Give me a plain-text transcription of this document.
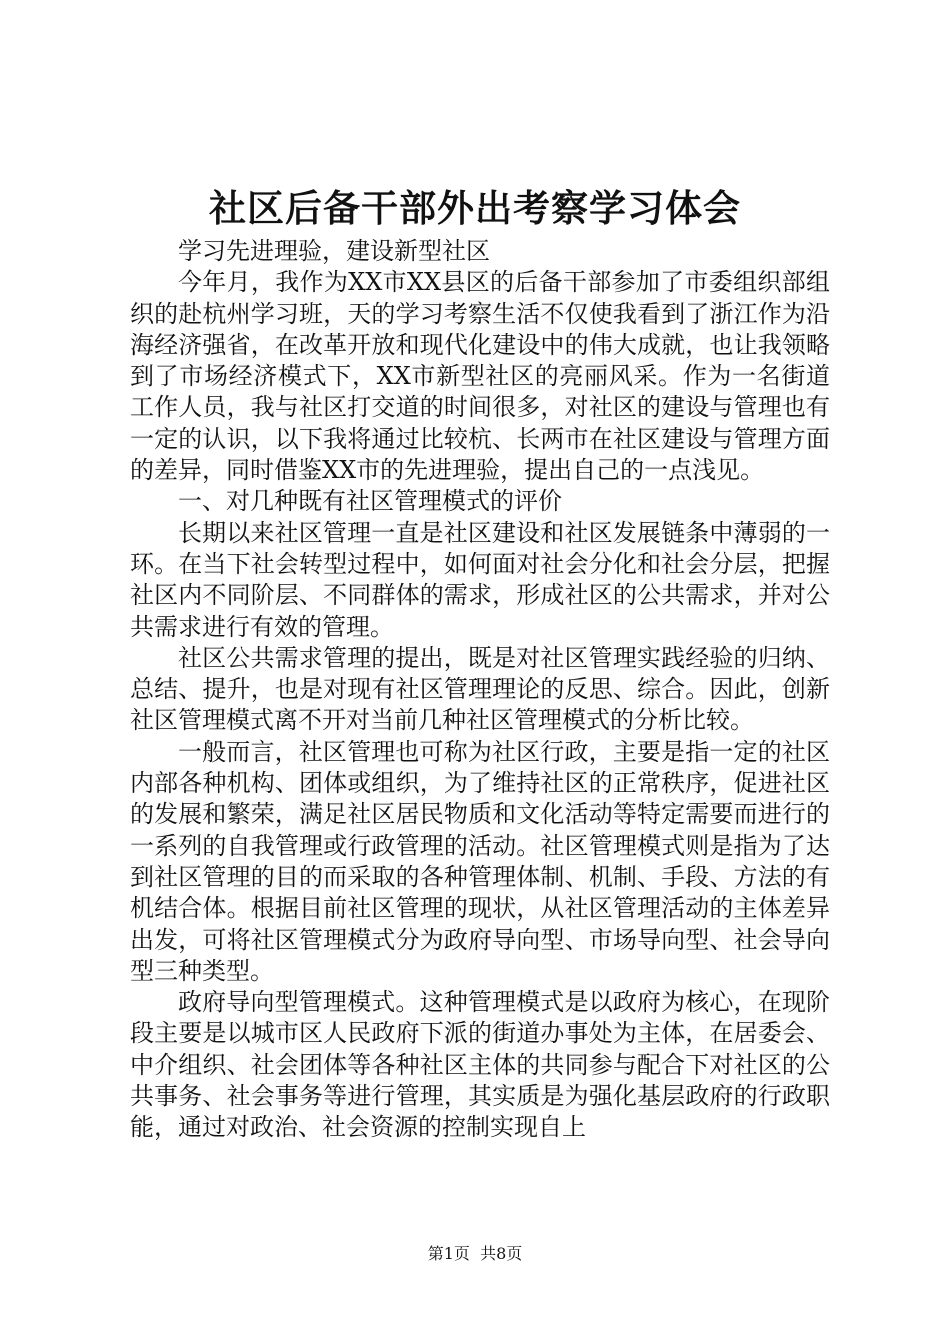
社区后备干部外出考察学习体会

学习先进理验，建设新型社区

今年月，我作为XX市XX县区的后备干部参加了市委组织部组织的赴杭州学习班，天的学习考察生活不仅使我看到了浙江作为沿海经济强省，在改革开放和现代化建设中的伟大成就，也让我领略到了市场经济模式下，XX市新型社区的亮丽风采。作为一名街道工作人员，我与社区打交道的时间很多，对社区的建设与管理也有一定的认识，以下我将通过比较杭、长两市在社区建设与管理方面的差异，同时借鉴XX市的先进理验，提出自己的一点浅见。

一、对几种既有社区管理模式的评价

长期以来社区管理一直是社区建设和社区发展链条中薄弱的一环。在当下社会转型过程中，如何面对社会分化和社会分层，把握社区内不同阶层、不同群体的需求，形成社区的公共需求，并对公共需求进行有效的管理。

社区公共需求管理的提出，既是对社区管理实践经验的归纳、总结、提升，也是对现有社区管理理论的反思、综合。因此，创新社区管理模式离不开对当前几种社区管理模式的分析比较。

一般而言，社区管理也可称为社区行政，主要是指一定的社区内部各种机构、团体或组织，为了维持社区的正常秩序，促进社区的发展和繁荣，满足社区居民物质和文化活动等特定需要而进行的一系列的自我管理或行政管理的活动。社区管理模式则是指为了达到社区管理的目的而采取的各种管理体制、机制、手段、方法的有机结合体。根据目前社区管理的现状，从社区管理活动的主体差异出发，可将社区管理模式分为政府导向型、市场导向型、社会导向型三种类型。

政府导向型管理模式。这种管理模式是以政府为核心，在现阶段主要是以城市区人民政府下派的街道办事处为主体，在居委会、中介组织、社会团体等各种社区主体的共同参与配合下对社区的公共事务、社会事务等进行管理，其实质是为强化基层政府的行政职能，通过对政治、社会资源的控制实现自上

第1页 共8页
